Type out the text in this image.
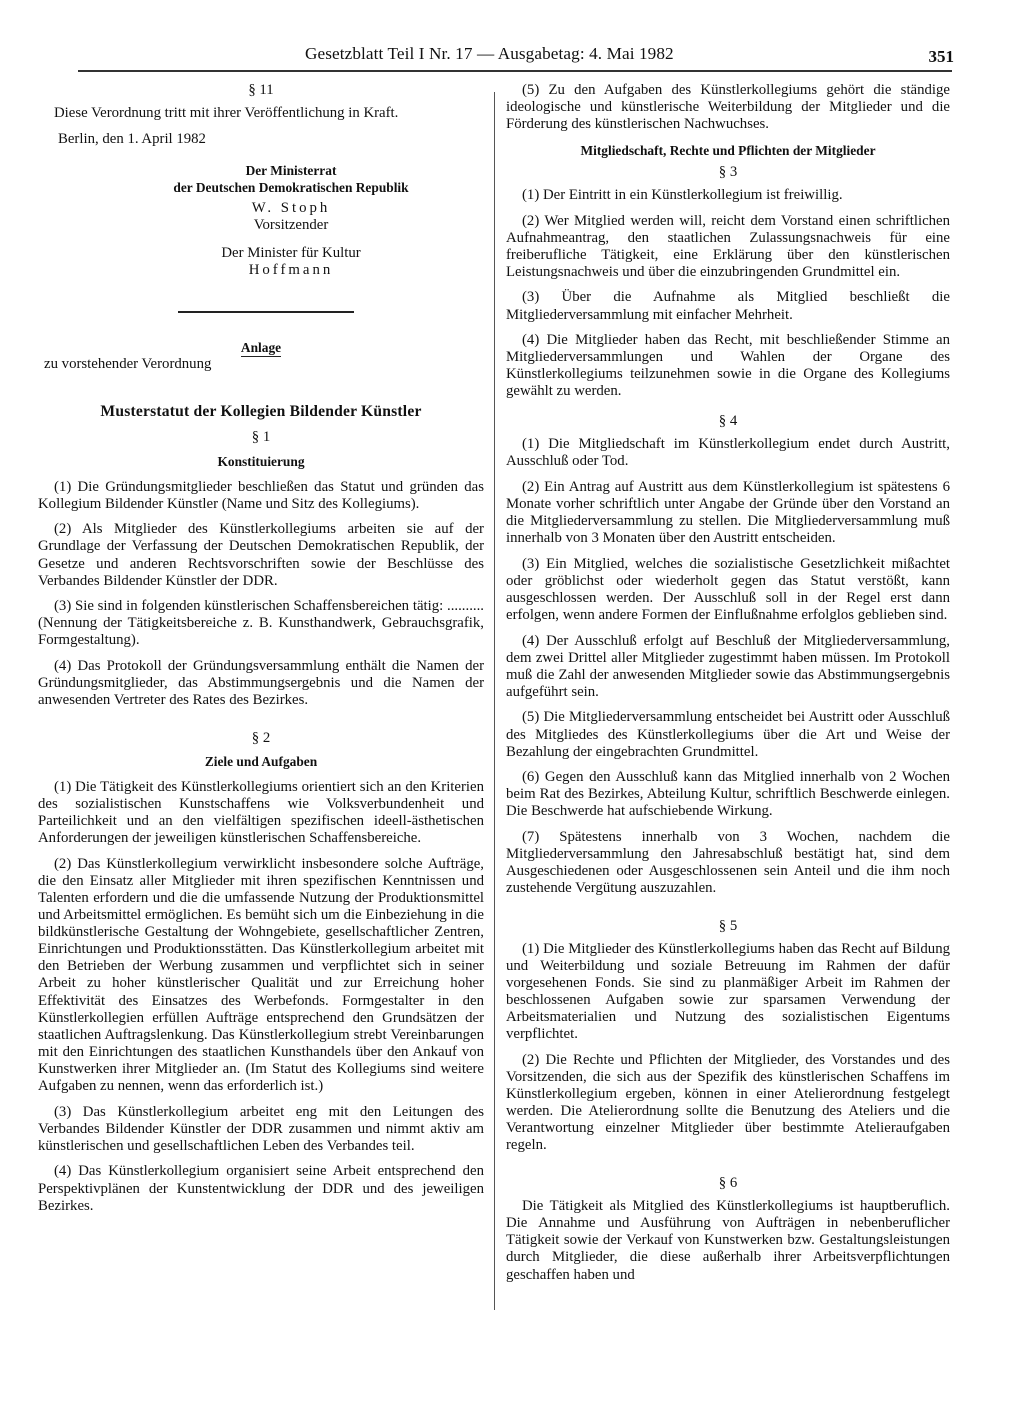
Gesetzblatt Teil I Nr. 17 — Ausgabetag: 4. Mai 1982	351

§ 11

Diese Verordnung tritt mit ihrer Veröffentlichung in Kraft.

Berlin, den 1. April 1982

Der Ministerrat

der Deutschen Demokratischen Republik

W. Stoph

Vorsitzender

Der Minister für Kultur

Hoffmann

Anlage

zu vorstehender Verordnung

Musterstatut der Kollegien Bildender Künstler

§ 1

Konstituierung

(1) Die Gründungsmitglieder beschließen das Statut und gründen das Kollegium Bildender Künstler (Name und Sitz des Kollegiums).

(2) Als Mitglieder des Künstlerkollegiums arbeiten sie auf der Grundlage der Verfassung der Deutschen Demokratischen Republik, der Gesetze und anderen Rechtsvorschriften sowie der Beschlüsse des Verbandes Bildender Künstler der DDR.

(3) Sie sind in folgenden künstlerischen Schaffensbereichen tätig: .......... (Nennung der Tätigkeitsbereiche z. B. Kunsthandwerk, Gebrauchsgrafik, Formgestaltung).

(4) Das Protokoll der Gründungsversammlung enthält die Namen der Gründungsmitglieder, das Abstimmungsergebnis und die Namen der anwesenden Vertreter des Rates des Bezirkes.

§ 2

Ziele und Aufgaben

(1) Die Tätigkeit des Künstlerkollegiums orientiert sich an den Kriterien des sozialistischen Kunstschaffens wie Volksverbundenheit und Parteilichkeit und an den vielfältigen spezifischen ideell-ästhetischen Anforderungen der jeweiligen künstlerischen Schaffensbereiche.

(2) Das Künstlerkollegium verwirklicht insbesondere solche Aufträge, die den Einsatz aller Mitglieder mit ihren spezifischen Kenntnissen und Talenten erfordern und die die umfassende Nutzung der Produktionsmittel und Arbeitsmittel ermöglichen. Es bemüht sich um die Einbeziehung in die bildkünstlerische Gestaltung der Wohngebiete, gesellschaftlicher Zentren, Einrichtungen und Produktionsstätten. Das Künstlerkollegium arbeitet mit den Betrieben der Werbung zusammen und verpflichtet sich in seiner Arbeit zu hoher künstlerischer Qualität und zur Erreichung hoher Effektivität des Einsatzes des Werbefonds. Formgestalter in den Künstlerkollegien erfüllen Aufträge entsprechend den Grundsätzen der staatlichen Auftragslenkung. Das Künstlerkollegium strebt Vereinbarungen mit den Einrichtungen des staatlichen Kunsthandels über den Ankauf von Kunstwerken ihrer Mitglieder an. (Im Statut des Kollegiums sind weitere Aufgaben zu nennen, wenn das erforderlich ist.)

(3) Das Künstlerkollegium arbeitet eng mit den Leitungen des Verbandes Bildender Künstler der DDR zusammen und nimmt aktiv am künstlerischen und gesellschaftlichen Leben des Verbandes teil.

(4) Das Künstlerkollegium organisiert seine Arbeit entsprechend den Perspektivplänen der Kunstentwicklung der DDR und des jeweiligen Bezirkes.

(5) Zu den Aufgaben des Künstlerkollegiums gehört die ständige ideologische und künstlerische Weiterbildung der Mitglieder und die Förderung des künstlerischen Nachwuchses.

Mitgliedschaft, Rechte und Pflichten der Mitglieder

§ 3

(1) Der Eintritt in ein Künstlerkollegium ist freiwillig.

(2) Wer Mitglied werden will, reicht dem Vorstand einen schriftlichen Aufnahmeantrag, den staatlichen Zulassungsnachweis für eine freiberufliche Tätigkeit, eine Erklärung über den künstlerischen Leistungsnachweis und über die einzubringenden Grundmittel ein.

(3) Über die Aufnahme als Mitglied beschließt die Mitgliederversammlung mit einfacher Mehrheit.

(4) Die Mitglieder haben das Recht, mit beschließender Stimme an Mitgliederversammlungen und Wahlen der Organe des Künstlerkollegiums teilzunehmen sowie in die Organe des Kollegiums gewählt zu werden.

§ 4

(1) Die Mitgliedschaft im Künstlerkollegium endet durch Austritt, Ausschluß oder Tod.

(2) Ein Antrag auf Austritt aus dem Künstlerkollegium ist spätestens 6 Monate vorher schriftlich unter Angabe der Gründe über den Vorstand an die Mitgliederversammlung zu stellen. Die Mitgliederversammlung muß innerhalb von 3 Monaten über den Austritt entscheiden.

(3) Ein Mitglied, welches die sozialistische Gesetzlichkeit mißachtet oder gröblichst oder wiederholt gegen das Statut verstößt, kann ausgeschlossen werden. Der Ausschluß soll in der Regel erst dann erfolgen, wenn andere Formen der Einflußnahme erfolglos geblieben sind.

(4) Der Ausschluß erfolgt auf Beschluß der Mitgliederversammlung, dem zwei Drittel aller Mitglieder zugestimmt haben müssen. Im Protokoll muß die Zahl der anwesenden Mitglieder sowie das Abstimmungsergebnis aufgeführt sein.

(5) Die Mitgliederversammlung entscheidet bei Austritt oder Ausschluß des Mitgliedes des Künstlerkollegiums über die Art und Weise der Bezahlung der eingebrachten Grundmittel.

(6) Gegen den Ausschluß kann das Mitglied innerhalb von 2 Wochen beim Rat des Bezirkes, Abteilung Kultur, schriftlich Beschwerde einlegen. Die Beschwerde hat aufschiebende Wirkung.

(7) Spätestens innerhalb von 3 Wochen, nachdem die Mitgliederversammlung den Jahresabschluß bestätigt hat, sind dem Ausgeschiedenen oder Ausgeschlossenen sein Anteil und die ihm noch zustehende Vergütung auszuzahlen.

§ 5

(1) Die Mitglieder des Künstlerkollegiums haben das Recht auf Bildung und Weiterbildung und soziale Betreuung im Rahmen der dafür vorgesehenen Fonds. Sie sind zu planmäßiger Arbeit im Rahmen der beschlossenen Aufgaben sowie zur sparsamen Verwendung der Arbeitsmaterialien und Nutzung des sozialistischen Eigentums verpflichtet.

(2) Die Rechte und Pflichten der Mitglieder, des Vorstandes und des Vorsitzenden, die sich aus der Spezifik des künstlerischen Schaffens im Künstlerkollegium ergeben, können in einer Atelierordnung festgelegt werden. Die Atelierordnung sollte die Benutzung des Ateliers und die Verantwortung einzelner Mitglieder über bestimmte Atelieraufgaben regeln.

§ 6

Die Tätigkeit als Mitglied des Künstlerkollegiums ist hauptberuflich. Die Annahme und Ausführung von Aufträgen in nebenberuflicher Tätigkeit sowie der Verkauf von Kunstwerken bzw. Gestaltungsleistungen durch Mitglieder, die diese außerhalb ihrer Arbeitsverpflichtungen geschaffen haben und
